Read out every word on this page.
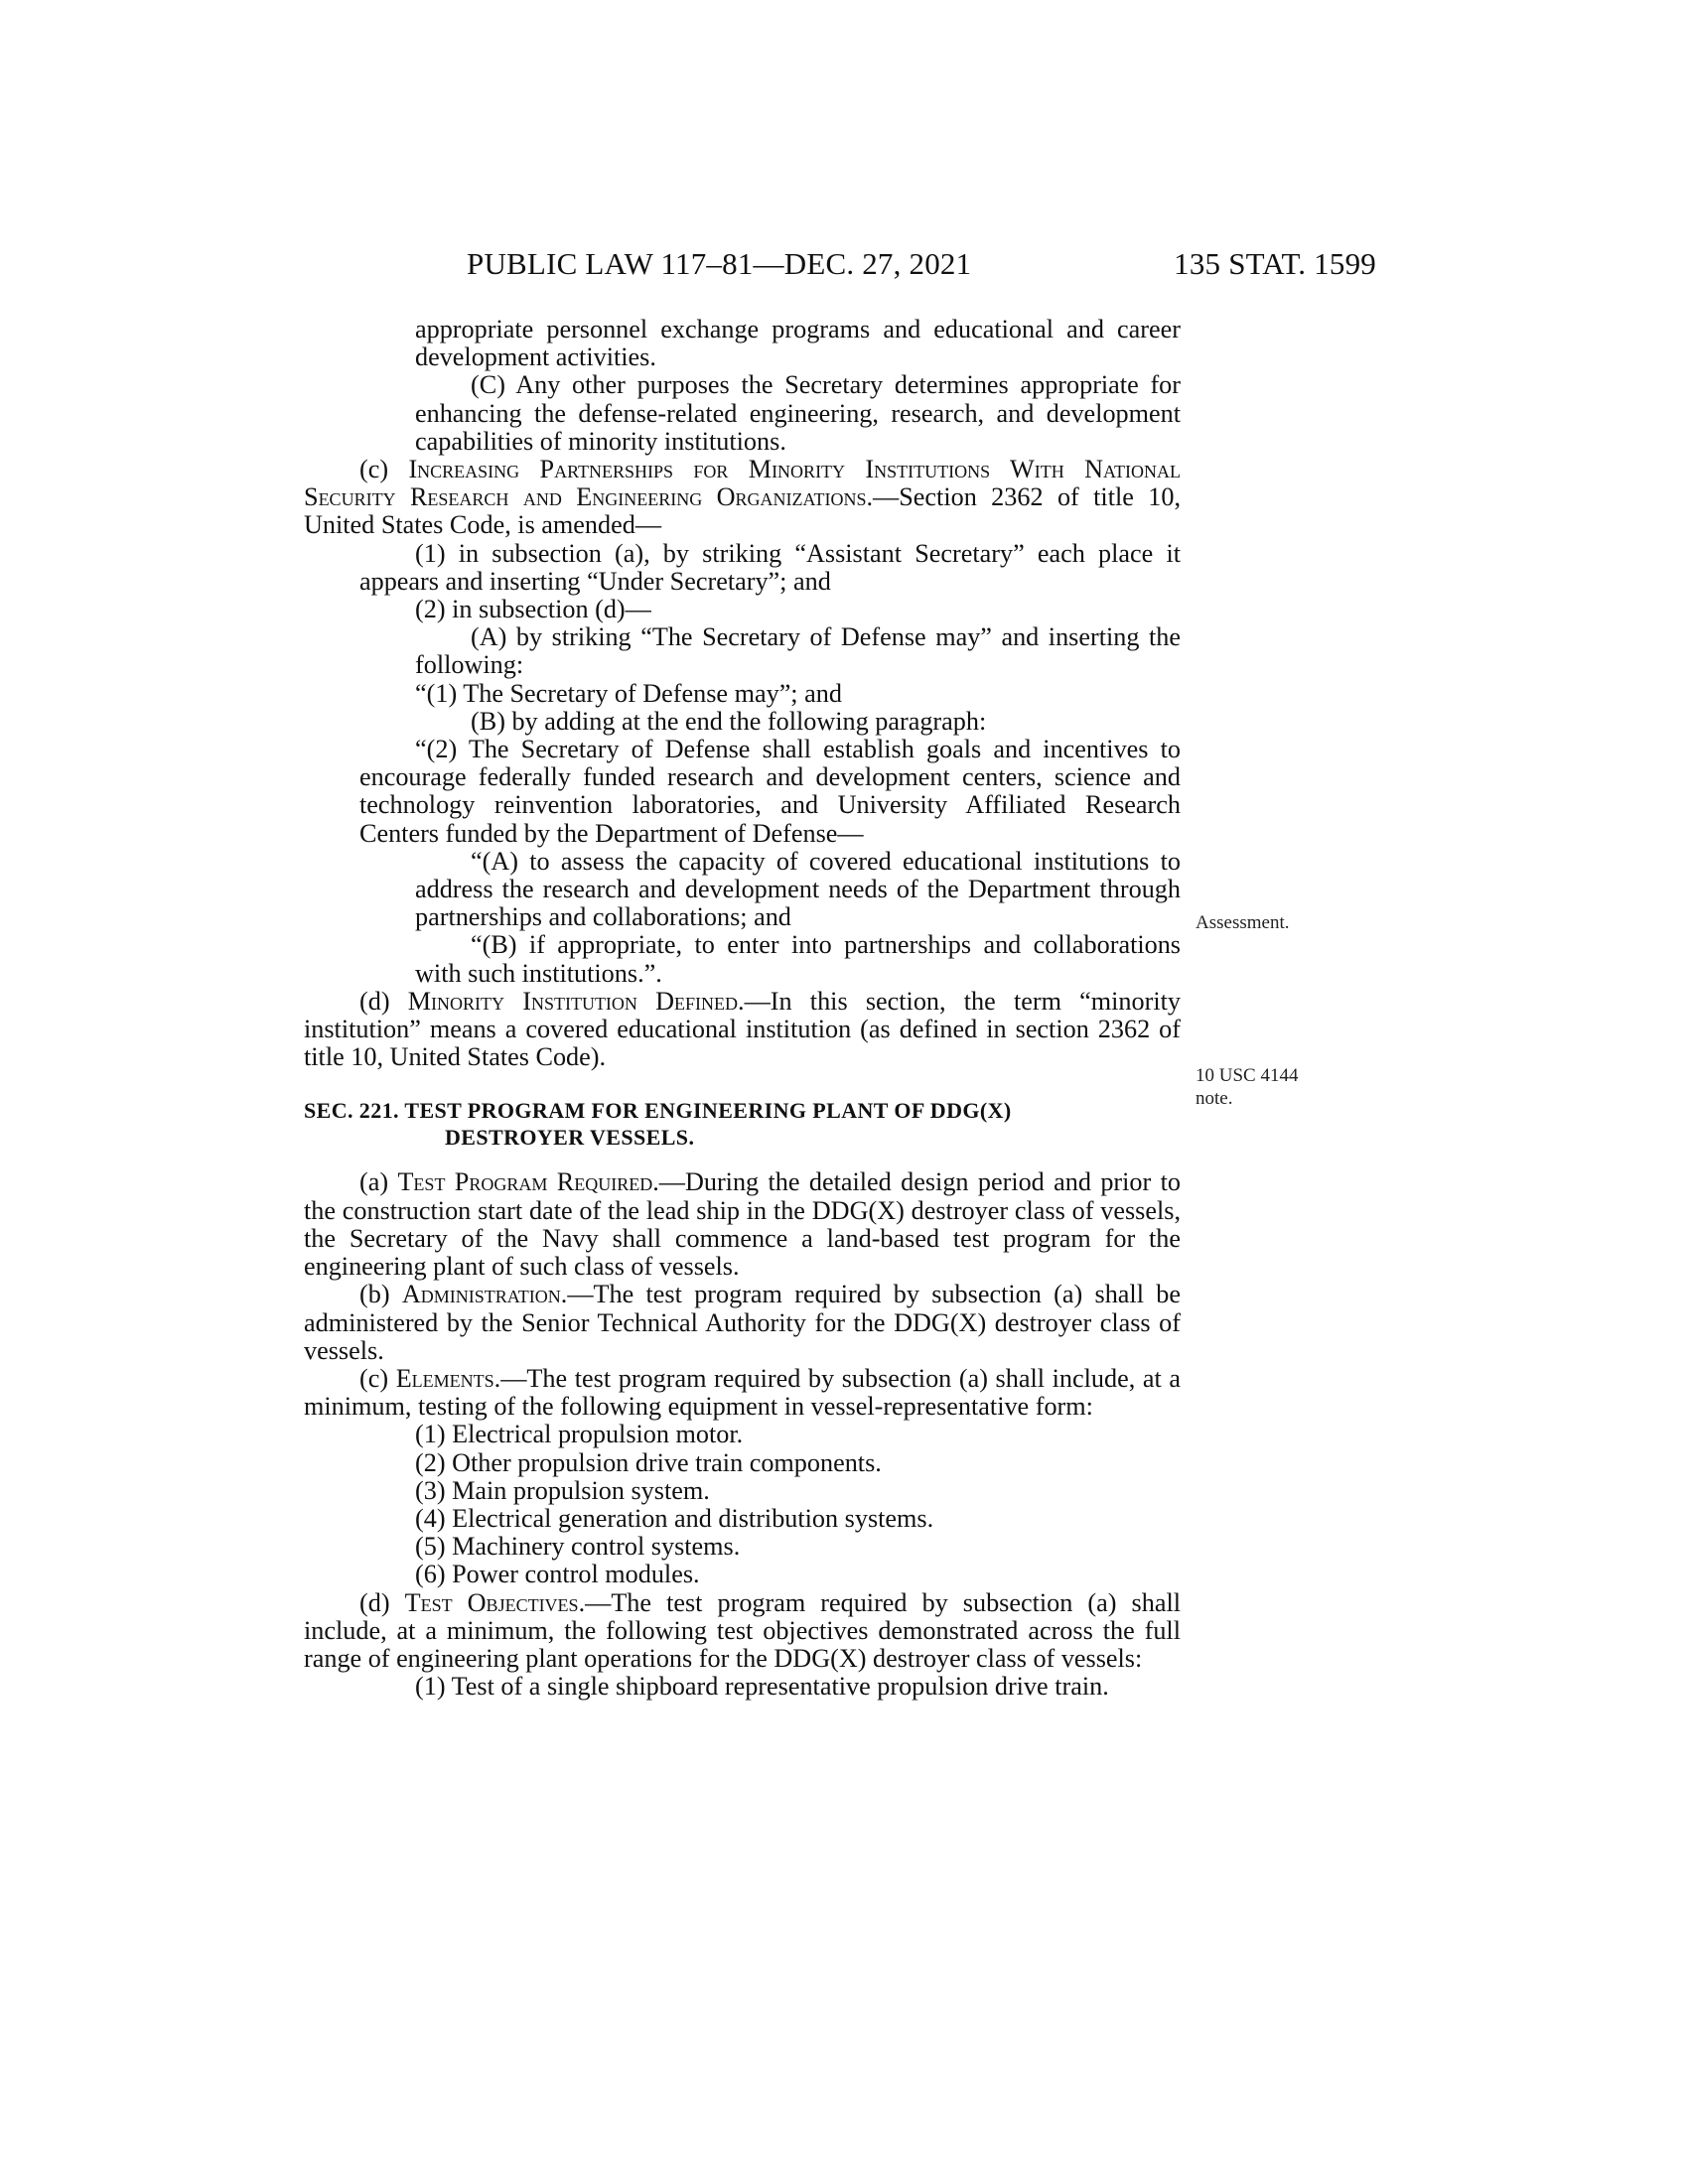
PUBLIC LAW 117–81—DEC. 27, 2021	135 STAT. 1599
Assessment.
10 USC 4144
note.

appropriate personnel exchange programs and educational and career development activities.

(C) Any other purposes the Secretary determines appropriate for enhancing the defense-related engineering, research, and development capabilities of minority institutions.

(c) Increasing Partnerships for Minority Institutions With National Security Research and Engineering Organizations.—Section 2362 of title 10, United States Code, is amended—

(1) in subsection (a), by striking “Assistant Secretary” each place it appears and inserting “Under Secretary”; and

(2) in subsection (d)—

(A) by striking “The Secretary of Defense may” and inserting the following:

“(1) The Secretary of Defense may”; and

(B) by adding at the end the following paragraph:

“(2) The Secretary of Defense shall establish goals and incentives to encourage federally funded research and development centers, science and technology reinvention laboratories, and University Affiliated Research Centers funded by the Department of Defense—

“(A) to assess the capacity of covered educational institutions to address the research and development needs of the Department through partnerships and collaborations; and

“(B) if appropriate, to enter into partnerships and collaborations with such institutions.”.

(d) Minority Institution Defined.—In this section, the term “minority institution” means a covered educational institution (as defined in section 2362 of title 10, United States Code).

SEC. 221. TEST PROGRAM FOR ENGINEERING PLANT OF DDG(X)
DESTROYER VESSELS.

(a) Test Program Required.—During the detailed design period and prior to the construction start date of the lead ship in the DDG(X) destroyer class of vessels, the Secretary of the Navy shall commence a land-based test program for the engineering plant of such class of vessels.

(b) Administration.—The test program required by subsection (a) shall be administered by the Senior Technical Authority for the DDG(X) destroyer class of vessels.

(c) Elements.—The test program required by subsection (a) shall include, at a minimum, testing of the following equipment in vessel-representative form:

(1) Electrical propulsion motor.

(2) Other propulsion drive train components.

(3) Main propulsion system.

(4) Electrical generation and distribution systems.

(5) Machinery control systems.

(6) Power control modules.

(d) Test Objectives.—The test program required by subsection (a) shall include, at a minimum, the following test objectives demonstrated across the full range of engineering plant operations for the DDG(X) destroyer class of vessels:

(1) Test of a single shipboard representative propulsion drive train.
